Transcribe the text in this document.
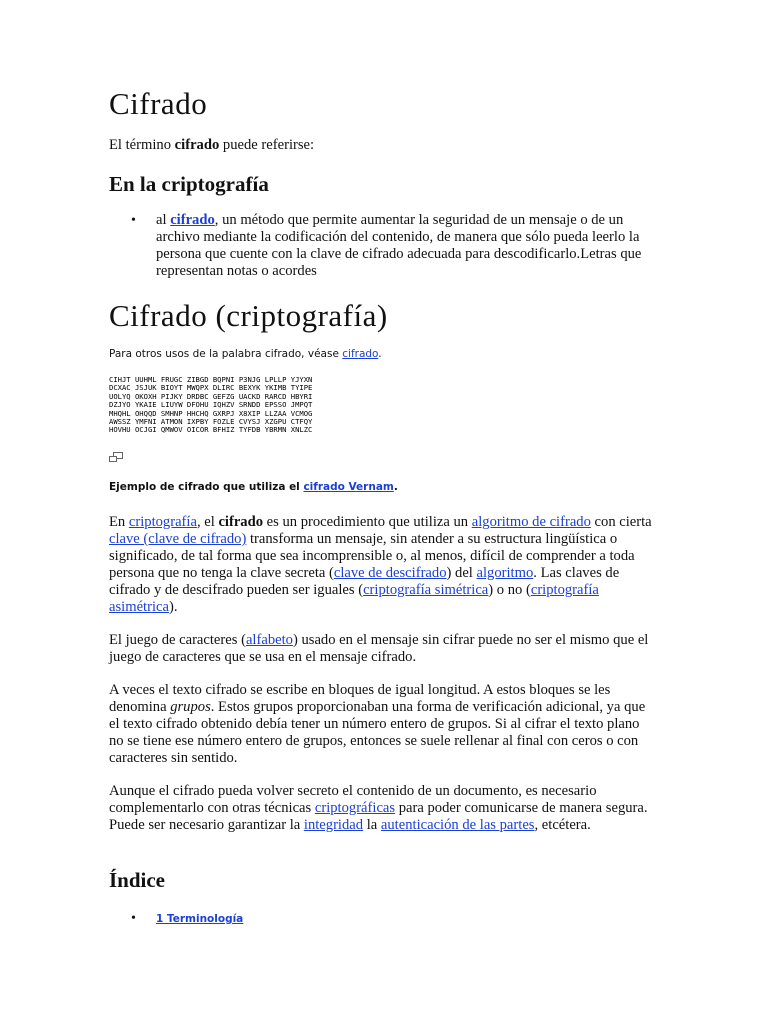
Cifrado

El término cifrado puede referirse:

En la criptografía
• al cifrado, un método que permite aumentar la seguridad de un mensaje o de un archivo mediante la codificación del contenido, de manera que sólo pueda leerlo la persona que cuente con la clave de cifrado adecuada para descodificarlo.Letras que representan notas o acordes
Cifrado (criptografía)

Para otros usos de la palabra cifrado, véase cifrado.

CIHJT UUHML FRUGC ZIBGD BQPNI P3NJG LPLLP YJYXN
DCXAC JSJUK BIOYT MWQPX DLIRC BEXYK YKIMB TYIPE
UOLYQ OKOXH PIJKY DRDBC GEFZG UACKD RARCD HBYRI
DZJYO YKAIE LIUYW DFOHU IQHZV SRNDD EPSSO JMPQT
MHQHL OHQQD SMHNP HHCHQ GXRPJ X8XIP LLZAA VCMOG
AWSSZ YMFNI ATMON IXPBY FOZLE CVYSJ XZGPU CTFQY
HOVHU OCJGI QMWOV OICOR BFHIZ TYFDB YBRMN XNLZC

Ejemplo de cifrado que utiliza el cifrado Vernam.

En criptografía, el cifrado es un procedimiento que utiliza un algoritmo de cifrado con cierta clave (clave de cifrado) transforma un mensaje, sin atender a su estructura lingüística o significado, de tal forma que sea incomprensible o, al menos, difícil de comprender a toda persona que no tenga la clave secreta (clave de descifrado) del algoritmo. Las claves de cifrado y de descifrado pueden ser iguales (criptografía simétrica) o no (criptografía asimétrica).

El juego de caracteres (alfabeto) usado en el mensaje sin cifrar puede no ser el mismo que el juego de caracteres que se usa en el mensaje cifrado.

A veces el texto cifrado se escribe en bloques de igual longitud. A estos bloques se les denomina grupos. Estos grupos proporcionaban una forma de verificación adicional, ya que el texto cifrado obtenido debía tener un número entero de grupos. Si al cifrar el texto plano no se tiene ese número entero de grupos, entonces se suele rellenar al final con ceros o con caracteres sin sentido.

Aunque el cifrado pueda volver secreto el contenido de un documento, es necesario complementarlo con otras técnicas criptográficas para poder comunicarse de manera segura. Puede ser necesario garantizar la integridad la autenticación de las partes, etcétera.

Índice
• 1 Terminología
